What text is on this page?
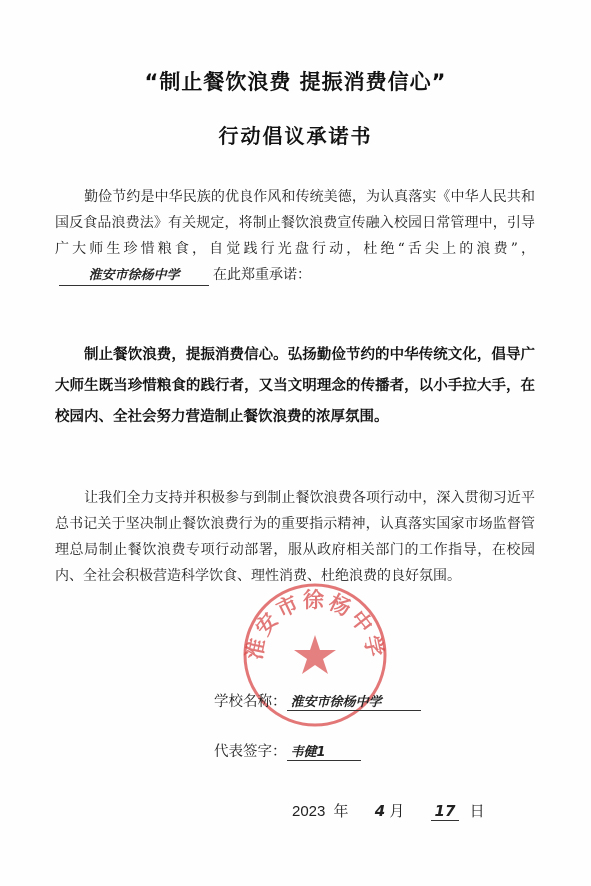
“制止餐饮浪费 提振消费信心”
行动倡议承诺书
勤俭节约是中华民族的优良作风和传统美德，为认真落实《中华人民共和国反食品浪费法》有关规定，将制止餐饮浪费宣传融入校园日常管理中，引导广大师生珍惜粮食，自觉践行光盘行动，杜绝“舌尖上的浪费”，淮安市徐杨中学 在此郑重承诺：
制止餐饮浪费，提振消费信心。弘扬勤俭节约的中华传统文化，倡导广大师生既当珍惜粮食的践行者，又当文明理念的传播者，以小手拉大手，在校园内、全社会努力营造制止餐饮浪费的浓厚氛围。
让我们全力支持并积极参与到制止餐饮浪费各项行动中，深入贯彻习近平总书记关于坚决制止餐饮浪费行为的重要指示精神，认真落实国家市场监督管理总局制止餐饮浪费专项行动部署，服从政府相关部门的工作指导，在校园内、全社会积极营造科学饮食、理性消费、杜绝浪费的良好氛围。
淮安市徐杨中学
学校名称： 淮安市徐杨中学
代表签字： 韦健1
2023 年 4 月 17 日
